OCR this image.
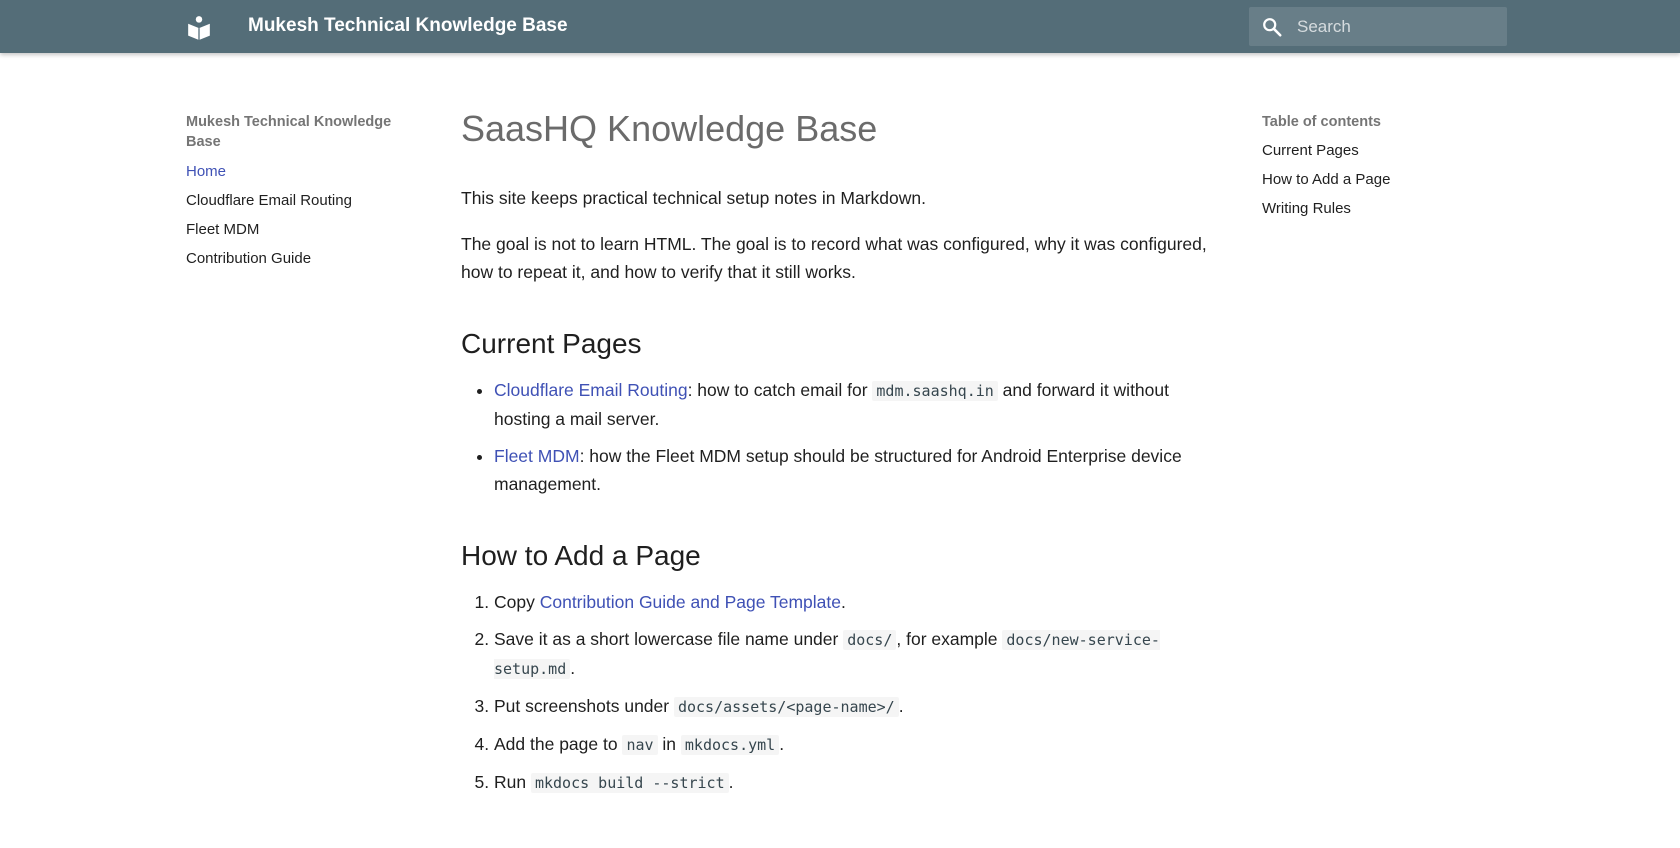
Mukesh Technical Knowledge Base
Search
Mukesh Technical Knowledge Base
Home
Cloudflare Email Routing
Fleet MDM
Contribution Guide
Table of contents
Current Pages
How to Add a Page
Writing Rules
SaasHQ Knowledge Base

This site keeps practical technical setup notes in Markdown.

The goal is not to learn HTML. The goal is to record what was configured, why it was configured, how to repeat it, and how to verify that it still works.

Current Pages
• Cloudflare Email Routing: how to catch email for mdm.saashq.in and forward it without hosting a mail server.
• Fleet MDM: how the Fleet MDM setup should be structured for Android Enterprise device management.
How to Add a Page
1. Copy Contribution Guide and Page Template.
2. Save it as a short lowercase file name under docs/ , for example docs/new-service-setup.md .
3. Put screenshots under docs/assets/<page-name>/ .
4. Add the page to nav in mkdocs.yml .
5. Run mkdocs build --strict .
